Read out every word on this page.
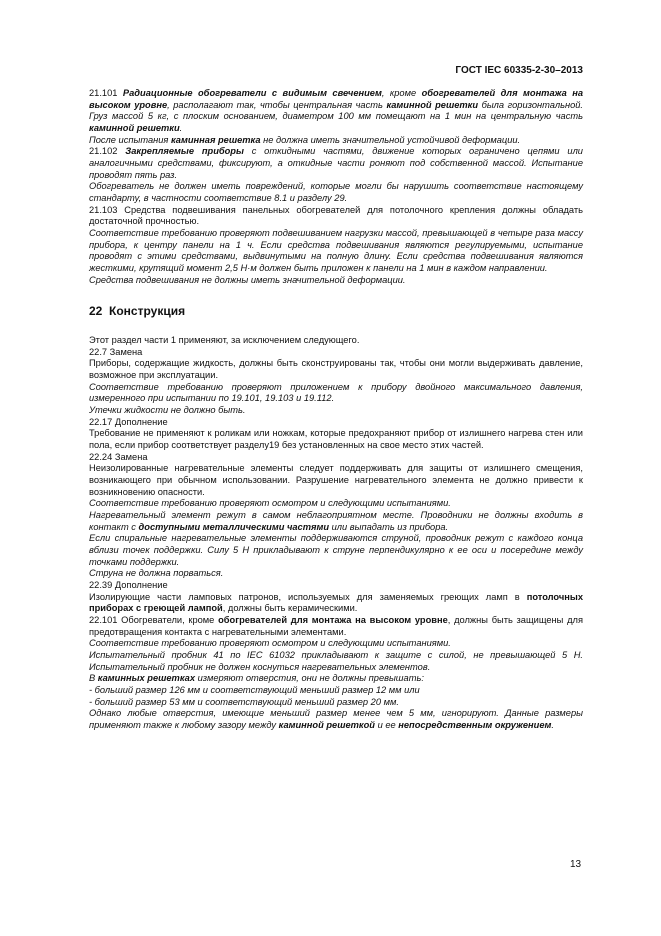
ГОСТ IEC 60335-2-30–2013

21.101 Радиационные обогреватели с видимым свечением, кроме обогревателей для монтажа на высоком уровне, располагают так, чтобы центральная часть каминной решетки была горизонтальной. Груз массой 5 кг, с плоским основанием, диаметром 100 мм помещают на 1 мин на центральную часть каминной решетки.

После испытания каминная решетка не должна иметь значительной устойчивой деформации.

21.102 Закрепляемые приборы с откидными частями, движение которых ограничено цепями или аналогичными средствами, фиксируют, а откидные части роняют под собственной массой. Испытание проводят пять раз.

Обогреватель не должен иметь повреждений, которые могли бы нарушить соответствие настоящему стандарту, в частности соответствие 8.1 и разделу 29.

21.103 Средства подвешивания панельных обогревателей для потолочного крепления должны обладать достаточной прочностью.

Соответствие требованию проверяют подвешиванием нагрузки массой, превышающей в четыре раза массу прибора, к центру панели на 1 ч. Если средства подвешивания являются регулируемыми, испытание проводят с этими средствами, выдвинутыми на полную длину. Если средства подвешивания являются жесткими, крутящий момент 2,5 Н·м должен быть приложен к панели на 1 мин в каждом направлении.

Средства подвешивания не должны иметь значительной деформации.

22 Конструкция

Этот раздел части 1 применяют, за исключением следующего.

22.7 Замена

Приборы, содержащие жидкость, должны быть сконструированы так, чтобы они могли выдерживать давление, возможное при эксплуатации.

Соответствие требованию проверяют приложением к прибору двойного максимального давления, измеренного при испытании по 19.101, 19.103 и 19.112.

Утечки жидкости не должно быть.

22.17 Дополнение

Требование не применяют к роликам или ножкам, которые предохраняют прибор от излишнего нагрева стен или пола, если прибор соответствует разделу19 без установленных на свое место этих частей.

22.24 Замена

Неизолированные нагревательные элементы следует поддерживать для защиты от излишнего смещения, возникающего при обычном использовании. Разрушение нагревательного элемента не должно привести к возникновению опасности.

Соответствие требованию проверяют осмотром и следующими испытаниями.

Нагревательный элемент режут в самом неблагоприятном месте. Проводники не должны входить в контакт с доступными металлическими частями или выпадать из прибора.

Если спиральные нагревательные элементы поддерживаются струной, проводник режут с каждого конца вблизи точек поддержки. Силу 5 Н прикладывают к струне перпендикулярно к ее оси и посередине между точками поддержки.

Струна не должна порваться.

22.39 Дополнение

Изолирующие части ламповых патронов, используемых для заменяемых греющих ламп в потолочных приборах с греющей лампой, должны быть керамическими.

22.101 Обогреватели, кроме обогревателей для монтажа на высоком уровне, должны быть защищены для предотвращения контакта с нагревательными элементами.

Соответствие требованию проверяют осмотром и следующими испытаниями.

Испытательный пробник 41 по IEC 61032 прикладывают к защите с силой, не превышающей 5 Н. Испытательный пробник не должен коснуться нагревательных элементов.

В каминных решетках измеряют отверстия, они не должны превышать:

- больший размер 126 мм и соответствующий меньший размер 12 мм или

- больший размер 53 мм и соответствующий меньший размер 20 мм.

Однако любые отверстия, имеющие меньший размер менее чем 5 мм, игнорируют. Данные размеры применяют также к любому зазору между каминной решеткой и ее непосредственным окружением.

13
